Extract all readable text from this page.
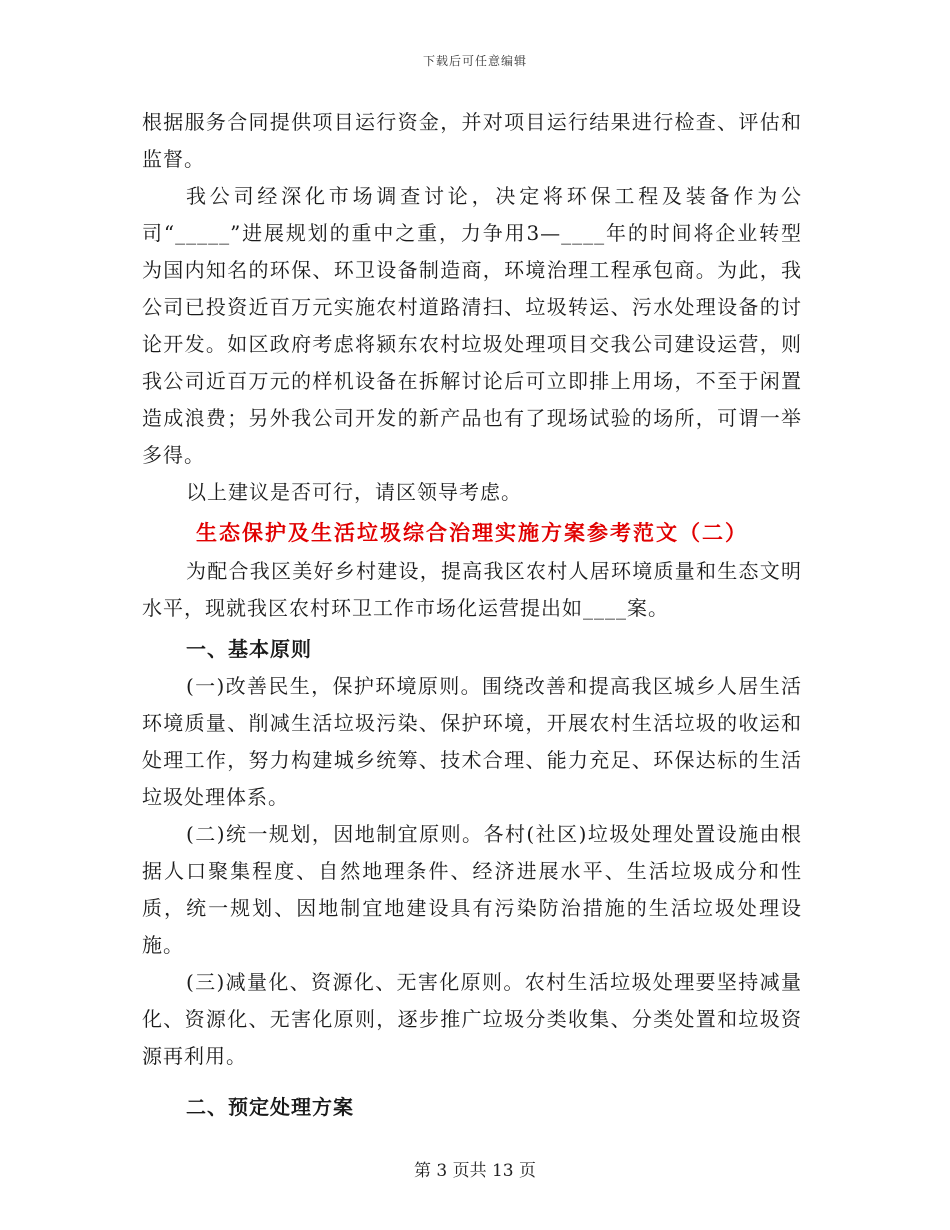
下载后可任意编辑

根据服务合同提供项目运行资金，并对项目运行结果进行检查、评估和监督。

我公司经深化市场调查讨论，决定将环保工程及装备作为公司“_____”进展规划的重中之重，力争用3—____年的时间将企业转型为国内知名的环保、环卫设备制造商，环境治理工程承包商。为此，我公司已投资近百万元实施农村道路清扫、垃圾转运、污水处理设备的讨论开发。如区政府考虑将颍东农村垃圾处理项目交我公司建设运营，则我公司近百万元的样机设备在拆解讨论后可立即排上用场，不至于闲置造成浪费；另外我公司开发的新产品也有了现场试验的场所，可谓一举多得。

以上建议是否可行，请区领导考虑。

生态保护及生活垃圾综合治理实施方案参考范文（二）

为配合我区美好乡村建设，提高我区农村人居环境质量和生态文明水平，现就我区农村环卫工作市场化运营提出如____案。

一、基本原则

(一)改善民生，保护环境原则。围绕改善和提高我区城乡人居生活环境质量、削减生活垃圾污染、保护环境，开展农村生活垃圾的收运和处理工作，努力构建城乡统筹、技术合理、能力充足、环保达标的生活垃圾处理体系。

(二)统一规划，因地制宜原则。各村(社区)垃圾处理处置设施由根据人口聚集程度、自然地理条件、经济进展水平、生活垃圾成分和性质，统一规划、因地制宜地建设具有污染防治措施的生活垃圾处理设施。

(三)减量化、资源化、无害化原则。农村生活垃圾处理要坚持减量化、资源化、无害化原则，逐步推广垃圾分类收集、分类处置和垃圾资源再利用。

二、预定处理方案

第 3 页共 13 页
